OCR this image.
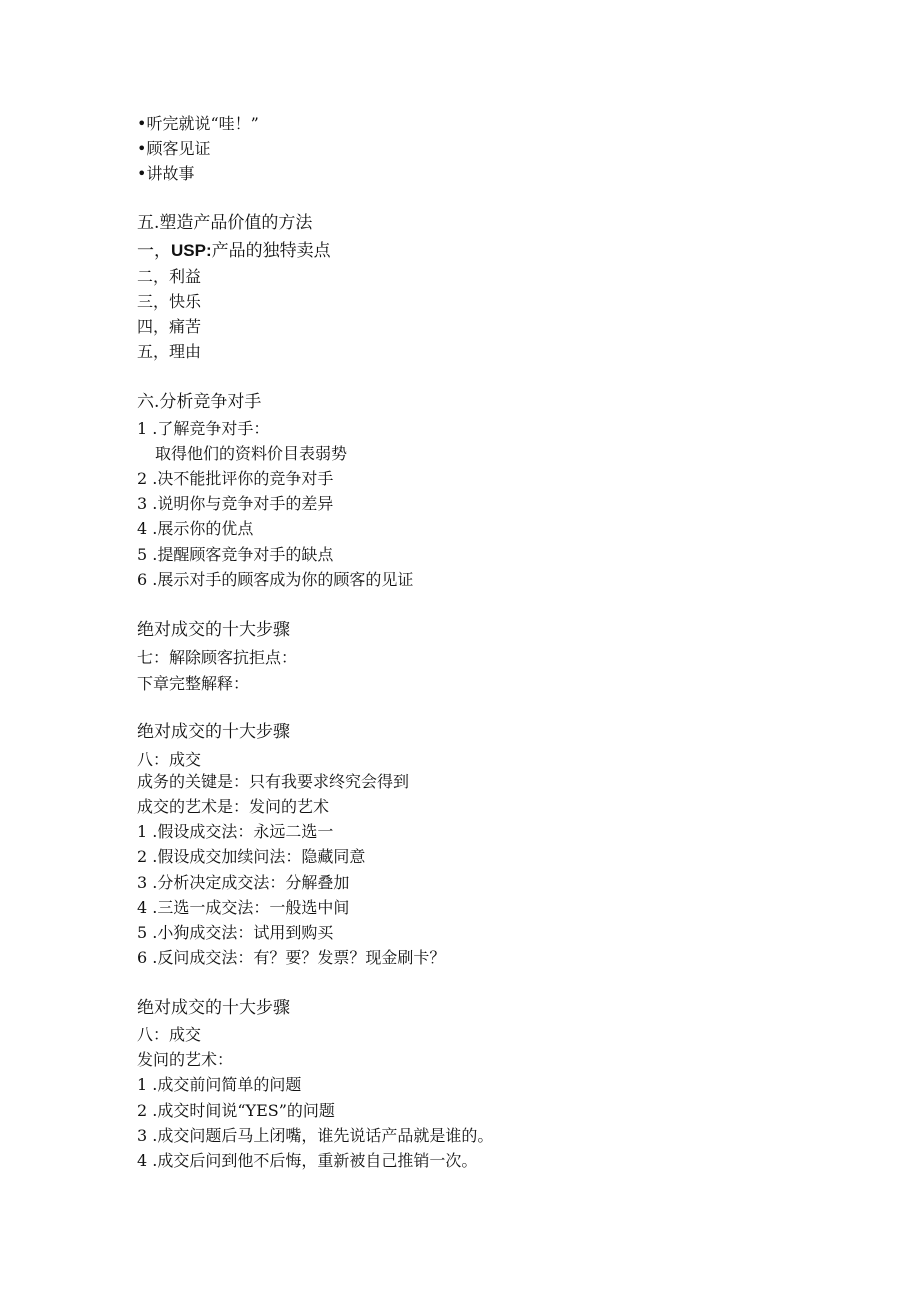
•听完就说“哇！”
•顾客见证
•讲故事
五.塑造产品价值的方法
一，USP:产品的独特卖点
二，利益
三，快乐
四，痛苦
五，理由
六.分析竞争对手
1 .了解竞争对手：
取得他们的资料价目表弱势
2 .决不能批评你的竞争对手
3 .说明你与竞争对手的差异
4 .展示你的优点
5 .提醒顾客竞争对手的缺点
6 .展示对手的顾客成为你的顾客的见证
绝对成交的十大步骤
七：解除顾客抗拒点：
下章完整解释：
绝对成交的十大步骤
八：成交
成务的关键是：只有我要求终究会得到
成交的艺术是：发问的艺术
1 .假设成交法：永远二选一
2 .假设成交加续问法：隐藏同意
3 .分析决定成交法：分解叠加
4 .三选一成交法：一般选中间
5 .小狗成交法：试用到购买
6 .反问成交法：有？要？发票？现金刷卡？
绝对成交的十大步骤
八：成交
发问的艺术：
1 .成交前问简单的问题
2 .成交时间说“YES”的问题
3 .成交问题后马上闭嘴，谁先说话产品就是谁的。
4 .成交后问到他不后悔，重新被自己推销一次。
